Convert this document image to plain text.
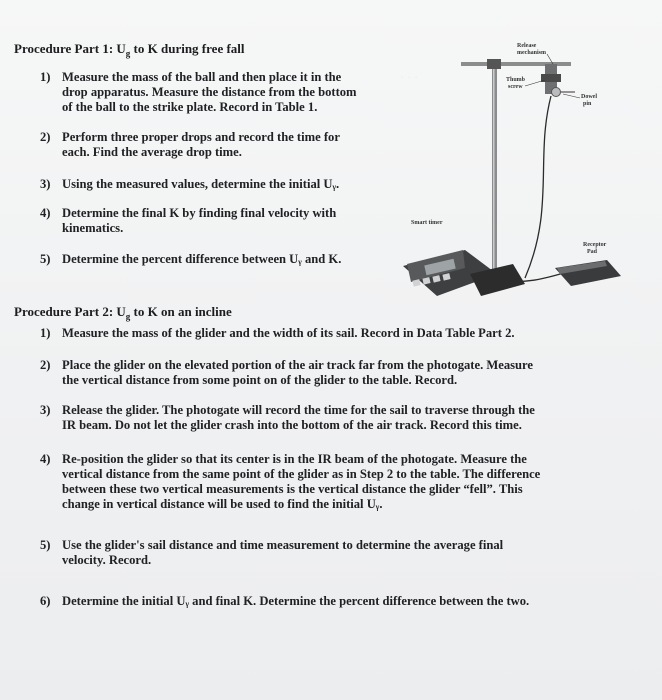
· · ·
Procedure Part 1: $U_g$ to K during free fall
1) Measure the mass of the ball and then place it in the
drop apparatus. Measure the distance from the bottom
of the ball to the strike plate. Record in Table 1.
2) Perform three proper drops and record the time for
each. Find the average drop time.
3) Using the measured values, determine the initial Uᵧ.
4) Determine the final K by finding final velocity with
kinematics.
5) Determine the percent difference between Uᵧ and K.
Release
mechanism
Thumb
screw
Dowel
pin
Smart timer
Receptor
Pad
Procedure Part 2: $U_g$ to K on an incline
1) Measure the mass of the glider and the width of its sail. Record in Data Table Part 2.
2) Place the glider on the elevated portion of the air track far from the photogate. Measure
the vertical distance from some point on of the glider to the table. Record.
3) Release the glider. The photogate will record the time for the sail to traverse through the
IR beam. Do not let the glider crash into the bottom of the air track. Record this time.
4) Re-position the glider so that its center is in the IR beam of the photogate. Measure the
vertical distance from the same point of the glider as in Step 2 to the table. The difference
between these two vertical measurements is the vertical distance the glider “fell”. This
change in vertical distance will be used to find the initial Uᵧ.
5) Use the glider's sail distance and time measurement to determine the average final
velocity. Record.
6) Determine the initial Uᵧ and final K. Determine the percent difference between the two.
